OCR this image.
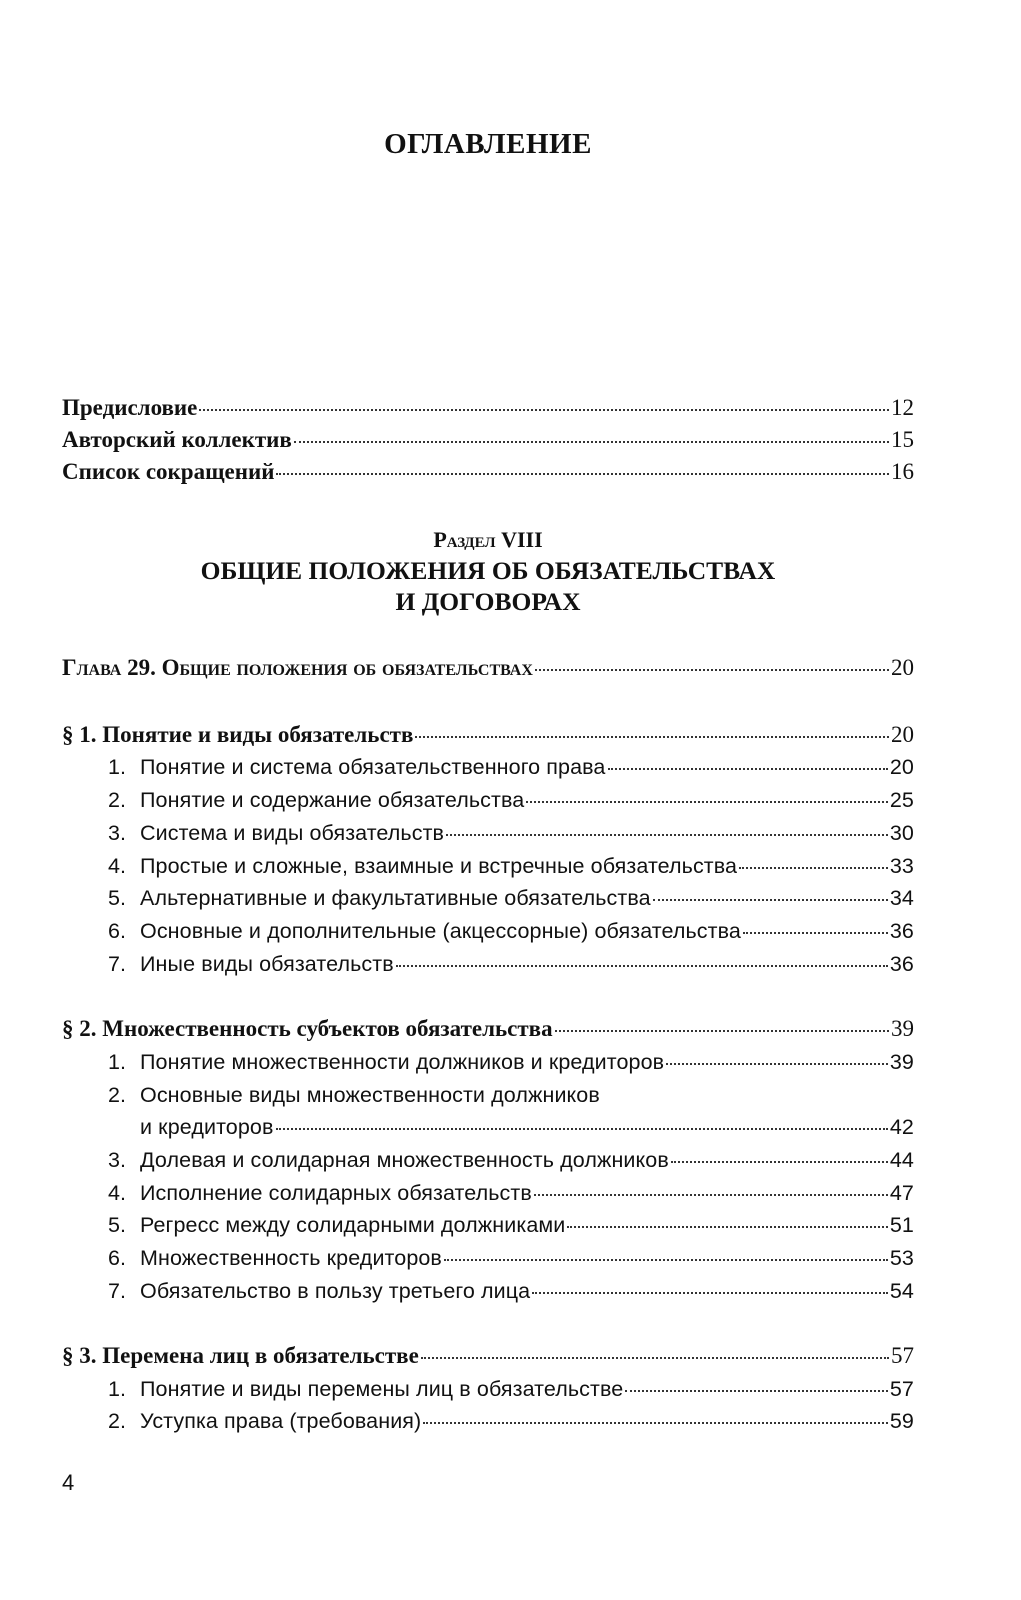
ОГЛАВЛЕНИЕ
Предисловие	12
Авторский коллектив	15
Список сокращений	16
Раздел VIII
ОБЩИЕ ПОЛОЖЕНИЯ ОБ ОБЯЗАТЕЛЬСТВАХ
И ДОГОВОРАХ
Глава 29. Общие положения об обязательствах	20
§ 1. Понятие и виды обязательств	20
1. Понятие и система обязательственного права	20
2. Понятие и содержание обязательства	25
3. Система и виды обязательств	30
4. Простые и сложные, взаимные и встречные обязательства	33
5. Альтернативные и факультативные обязательства	34
6. Основные и дополнительные (акцессорные) обязательства	36
7. Иные виды обязательств	36
§ 2. Множественность субъектов обязательства	39
1. Понятие множественности должников и кредиторов	39
2. Основные виды множественности должников
и кредиторов	42
3. Долевая и солидарная множественность должников	44
4. Исполнение солидарных обязательств	47
5. Регресс между солидарными должниками	51
6. Множественность кредиторов	53
7. Обязательство в пользу третьего лица	54
§ 3. Перемена лиц в обязательстве	57
1. Понятие и виды перемены лиц в обязательстве	57
2. Уступка права (требования)	59
4
